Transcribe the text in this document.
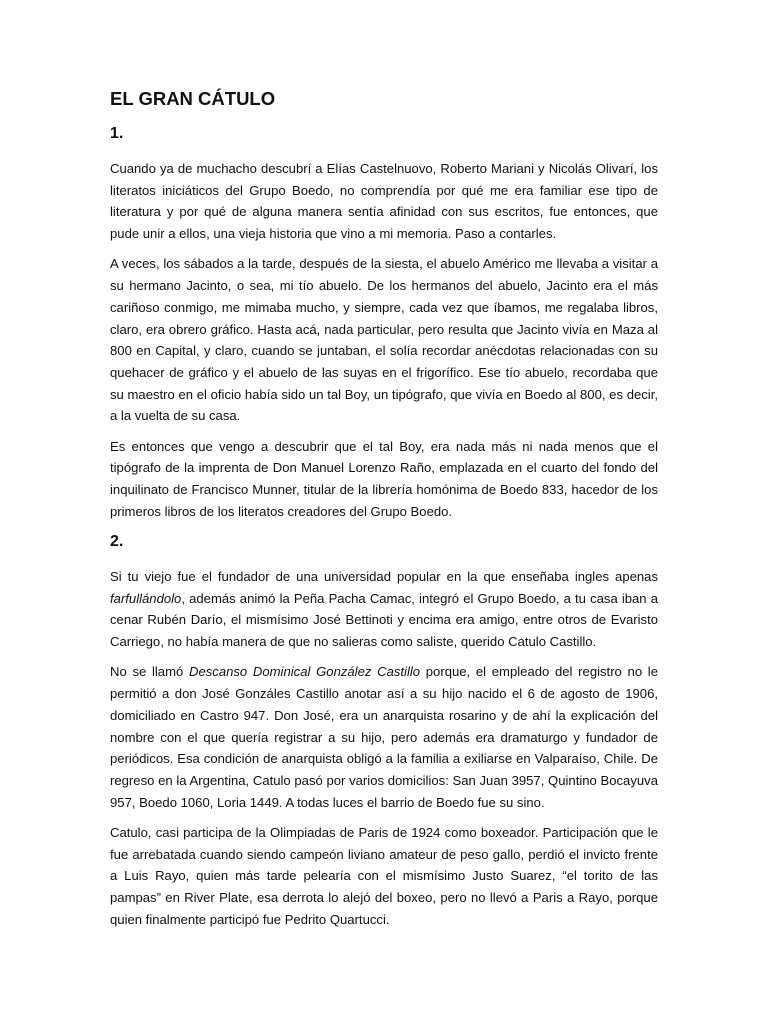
EL GRAN CÁTULO
1.

Cuando ya de muchacho descubrí a Elías Castelnuovo, Roberto Mariani y Nicolás Olivarí, los literatos iniciáticos del Grupo Boedo, no comprendía por qué me era familiar ese tipo de literatura y por qué de alguna manera sentía afinidad con sus escritos, fue entonces, que pude unir a ellos, una vieja historia que vino a mi memoria. Paso a contarles.

A veces, los sábados a la tarde, después de la siesta, el abuelo Américo me llevaba a visitar a su hermano Jacinto, o sea, mi tío abuelo. De los hermanos del abuelo, Jacinto era el más cariñoso conmigo, me mimaba mucho, y siempre, cada vez que íbamos, me regalaba libros, claro, era obrero gráfico. Hasta acá, nada particular, pero resulta que Jacinto vivía en Maza al 800 en Capital, y claro, cuando se juntaban, el solía recordar anécdotas relacionadas con su quehacer de gráfico y el abuelo de las suyas en el frigorífico. Ese tío abuelo, recordaba que su maestro en el oficio había sido un tal Boy, un tipógrafo, que vivía en Boedo al 800, es decir, a la vuelta de su casa.

Es entonces que vengo a descubrir que el tal Boy, era nada más ni nada menos que el tipógrafo de la imprenta de Don Manuel Lorenzo Raño, emplazada en el cuarto del fondo del inquilinato de Francisco Munner, titular de la librería homónima de Boedo 833, hacedor de los primeros libros de los literatos creadores del Grupo Boedo.

2.

Si tu viejo fue el fundador de una universidad popular en la que enseñaba ingles apenas farfullándolo, además animó la Peña Pacha Camac, integró el Grupo Boedo, a tu casa iban a cenar Rubén Darío, el mismísimo José Bettinoti y encima era amigo, entre otros de Evaristo Carriego, no había manera de que no salieras como saliste, querido Catulo Castillo.

No se llamó Descanso Dominical González Castillo porque, el empleado del registro no le permitió a don José Gonzáles Castillo anotar así a su hijo nacido el 6 de agosto de 1906, domiciliado en Castro 947. Don José, era un anarquista rosarino y de ahí la explicación del nombre con el que quería registrar a su hijo, pero además era dramaturgo y fundador de periódicos. Esa condición de anarquista obligó a la familia a exiliarse en Valparaíso, Chile. De regreso en la Argentina, Catulo pasó por varios domicilios: San Juan 3957, Quintino Bocayuva 957, Boedo 1060, Loria 1449. A todas luces el barrio de Boedo fue su sino.

Catulo, casi participa de la Olimpiadas de Paris de 1924 como boxeador. Participación que le fue arrebatada cuando siendo campeón liviano amateur de peso gallo, perdió el invicto frente a Luis Rayo, quien más tarde pelearía con el mismísimo Justo Suarez, “el torito de las pampas” en River Plate, esa derrota lo alejó del boxeo, pero no llevó a Paris a Rayo, porque quien finalmente participó fue Pedrito Quartucci.
